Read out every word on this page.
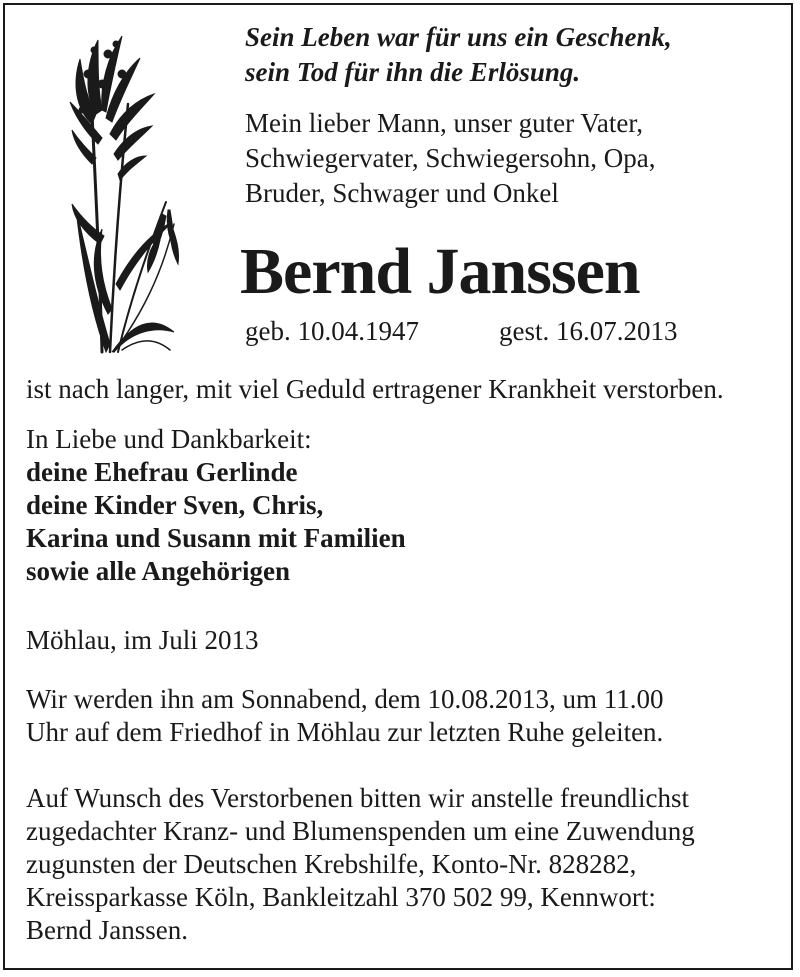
Sein Leben war für uns ein Geschenk,
sein Tod für ihn die Erlösung.
Mein lieber Mann, unser guter Vater,
Schwiegervater, Schwiegersohn, Opa,
Bruder, Schwager und Onkel
Bernd Janssen
geb. 10.04.1947	gest. 16.07.2013
ist nach langer, mit viel Geduld ertragener Krankheit verstorben.
In Liebe und Dankbarkeit:
deine Ehefrau Gerlinde
deine Kinder Sven, Chris,
Karina und Susann mit Familien
sowie alle Angehörigen
Möhlau, im Juli 2013
Wir werden ihn am Sonnabend, dem 10.08.2013, um 11.00
Uhr auf dem Friedhof in Möhlau zur letzten Ruhe geleiten.
Auf Wunsch des Verstorbenen bitten wir anstelle freundlichst
zugedachter Kranz- und Blumenspenden um eine Zuwendung
zugunsten der Deutschen Krebshilfe, Konto-Nr. 828282,
Kreissparkasse Köln, Bankleitzahl 370 502 99, Kennwort:
Bernd Janssen.
